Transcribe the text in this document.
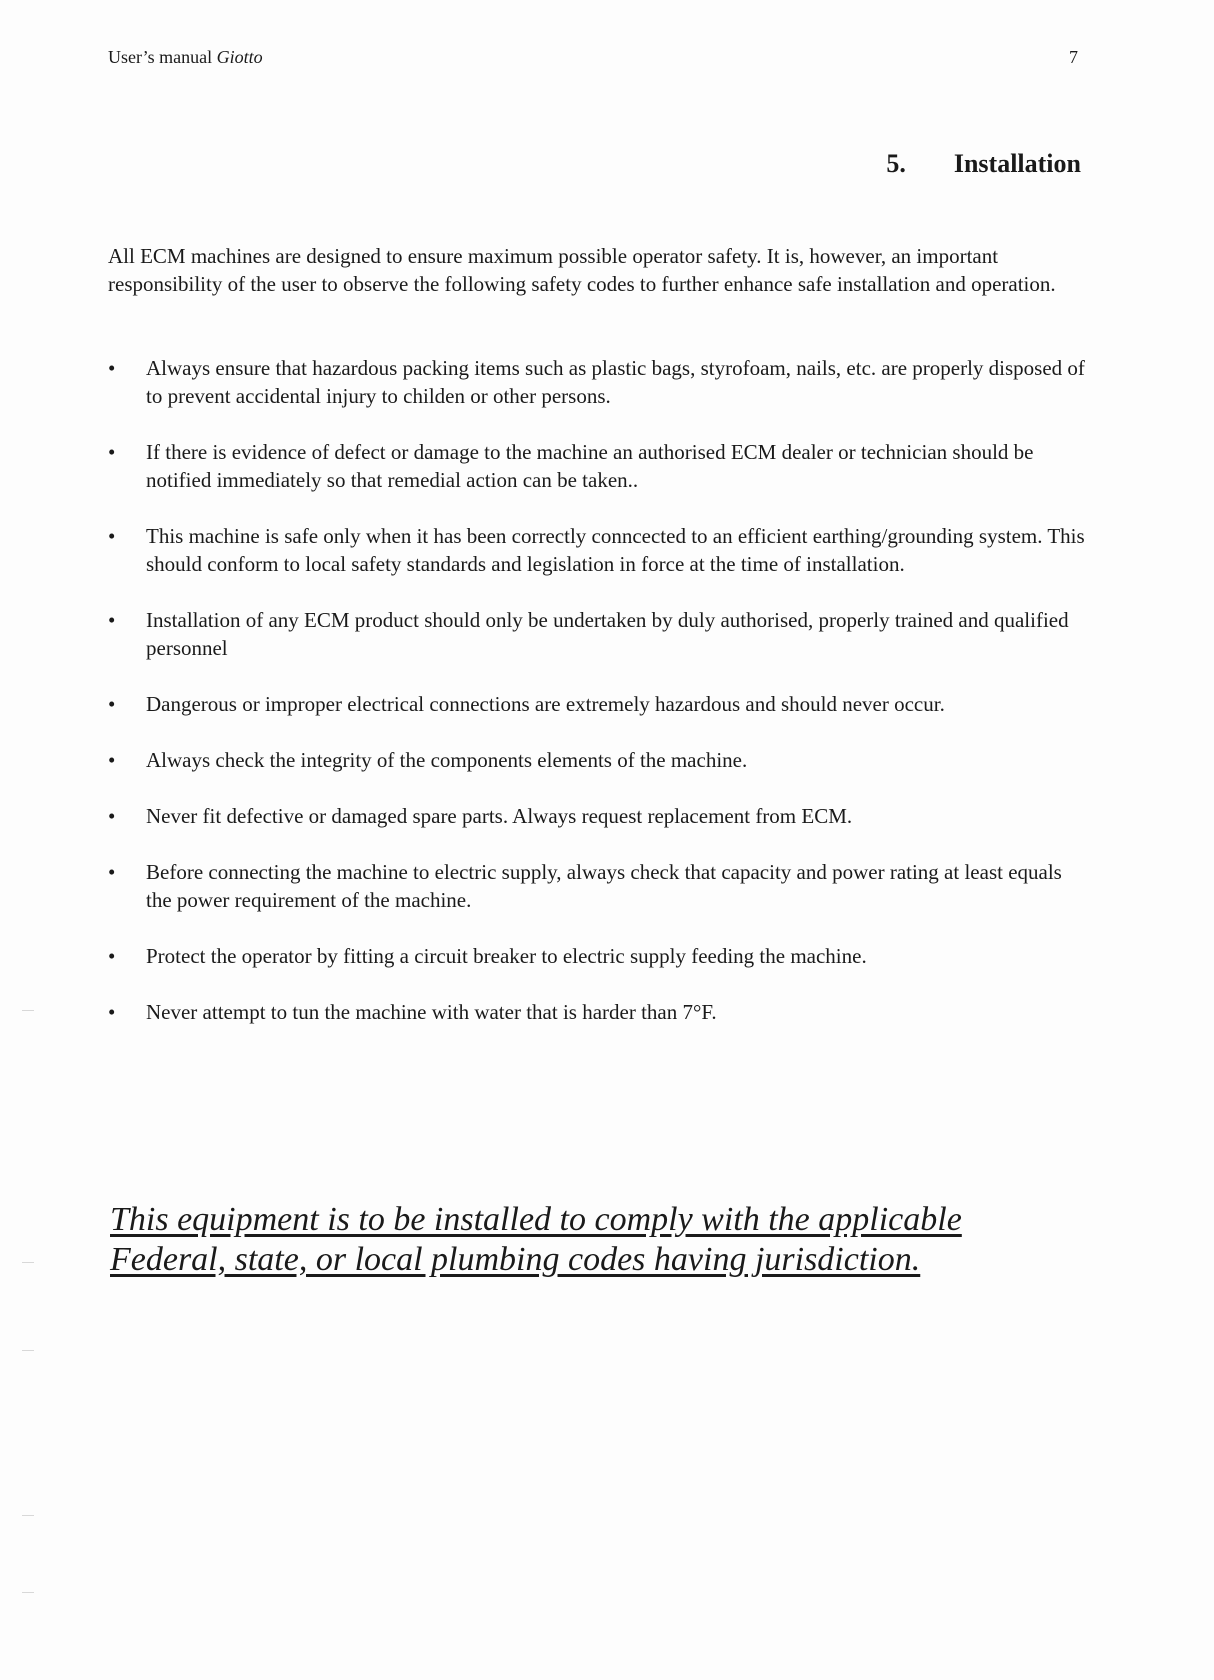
User’s manual Giotto	7
5. Installation
All ECM machines are designed to ensure maximum possible operator safety. It is, however, an important responsibility of the user to observe the following safety codes to further enhance safe installation and operation.
•	Always ensure that hazardous packing items such as plastic bags, styrofoam, nails, etc. are properly disposed of to prevent accidental injury to childen or other persons.
•	If there is evidence of defect or damage to the machine an authorised ECM dealer or technician should be notified immediately so that remedial action can be taken..
•	This machine is safe only when it has been correctly conncected to an efficient earthing/grounding system. This should conform to local safety standards and legislation in force at the time of installation.
•	Installation of any ECM product should only be undertaken by duly authorised, properly trained and qualified personnel
•	Dangerous or improper electrical connections are extremely hazardous and should never occur.
•	Always check the integrity of the components elements of the machine.
•	Never fit defective or damaged spare parts. Always request replacement from ECM.
•	Before connecting the machine to electric supply, always check that capacity and power rating at least equals the power requirement of the machine.
•	Protect the operator by fitting a circuit breaker to electric supply feeding the machine.
•	Never attempt to tun the machine with water that is harder than 7°F.
This equipment is to be installed to comply with the applicable Federal, state, or local plumbing codes having jurisdiction.
